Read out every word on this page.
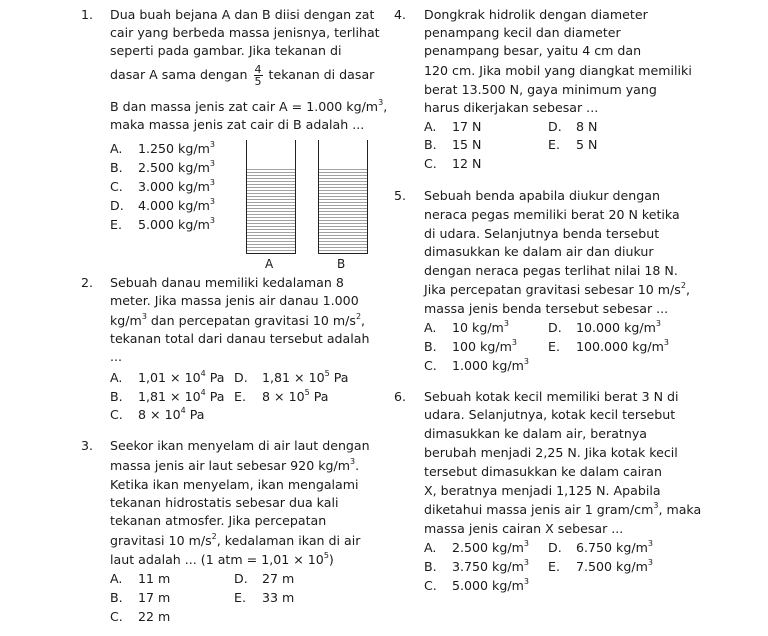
1. Dua buah bejana A dan B diisi dengan zat
cair yang berbeda massa jenisnya, terlihat
seperti pada gambar. Jika tekanan di
dasar A sama dengan $\frac{4}{5}$ tekanan di dasar
B dan massa jenis zat cair A = 1.000 $kg/m^3$,
maka massa jenis zat cair di B adalah ...
A. 1.250 $kg/m^3$
B. 2.500 $kg/m^3$
C. 3.000 $kg/m^3$
D. 4.000 $kg/m^3$
E. 5.000 $kg/m^3$
A	B
2. Sebuah danau memiliki kedalaman 8
meter. Jika massa jenis air danau 1.000
$kg/m^3$ dan percepatan gravitasi 10 $m/s^2$,
tekanan total dari danau tersebut adalah
...
A. $1,01 \times 10^4$ Pa
B. $1,81 \times 10^4$ Pa
C. $8 \times 10^4$ Pa
D. $1,81 \times 10^5$ Pa
E. $8 \times 10^5$ Pa
3. Seekor ikan menyelam di air laut dengan
massa jenis air laut sebesar 920 $kg/m^3$.
Ketika ikan menyelam, ikan mengalami
tekanan hidrostatis sebesar dua kali
tekanan atmosfer. Jika percepatan
gravitasi 10 $m/s^2$, kedalaman ikan di air
laut adalah ... (1 atm = $1,01 \times 10^5$)
A. 11 m
B. 17 m
C. 22 m
D. 27 m
E. 33 m
4. Dongkrak hidrolik dengan diameter
penampang kecil dan diameter
penampang besar, yaitu 4 cm dan
120 cm. Jika mobil yang diangkat memiliki
berat 13.500 N, gaya minimum yang
harus dikerjakan sebesar ...
A. 17 N
B. 15 N
C. 12 N
D. 8 N
E. 5 N
5. Sebuah benda apabila diukur dengan
neraca pegas memiliki berat 20 N ketika
di udara. Selanjutnya benda tersebut
dimasukkan ke dalam air dan diukur
dengan neraca pegas terlihat nilai 18 N.
Jika percepatan gravitasi sebesar 10 $m/s^2$,
massa jenis benda tersebut sebesar ...
A. 10 $kg/m^3$
B. 100 $kg/m^3$
C. 1.000 $kg/m^3$
D. 10.000 $kg/m^3$
E. 100.000 $kg/m^3$
6. Sebuah kotak kecil memiliki berat 3 N di
udara. Selanjutnya, kotak kecil tersebut
dimasukkan ke dalam air, beratnya
berubah menjadi 2,25 N. Jika kotak kecil
tersebut dimasukkan ke dalam cairan
X, beratnya menjadi 1,125 N. Apabila
diketahui massa jenis air 1 gram/$cm^3$, maka
massa jenis cairan X sebesar ...
A. 2.500 $kg/m^3$
B. 3.750 $kg/m^3$
C. 5.000 $kg/m^3$
D. 6.750 $kg/m^3$
E. 7.500 $kg/m^3$
